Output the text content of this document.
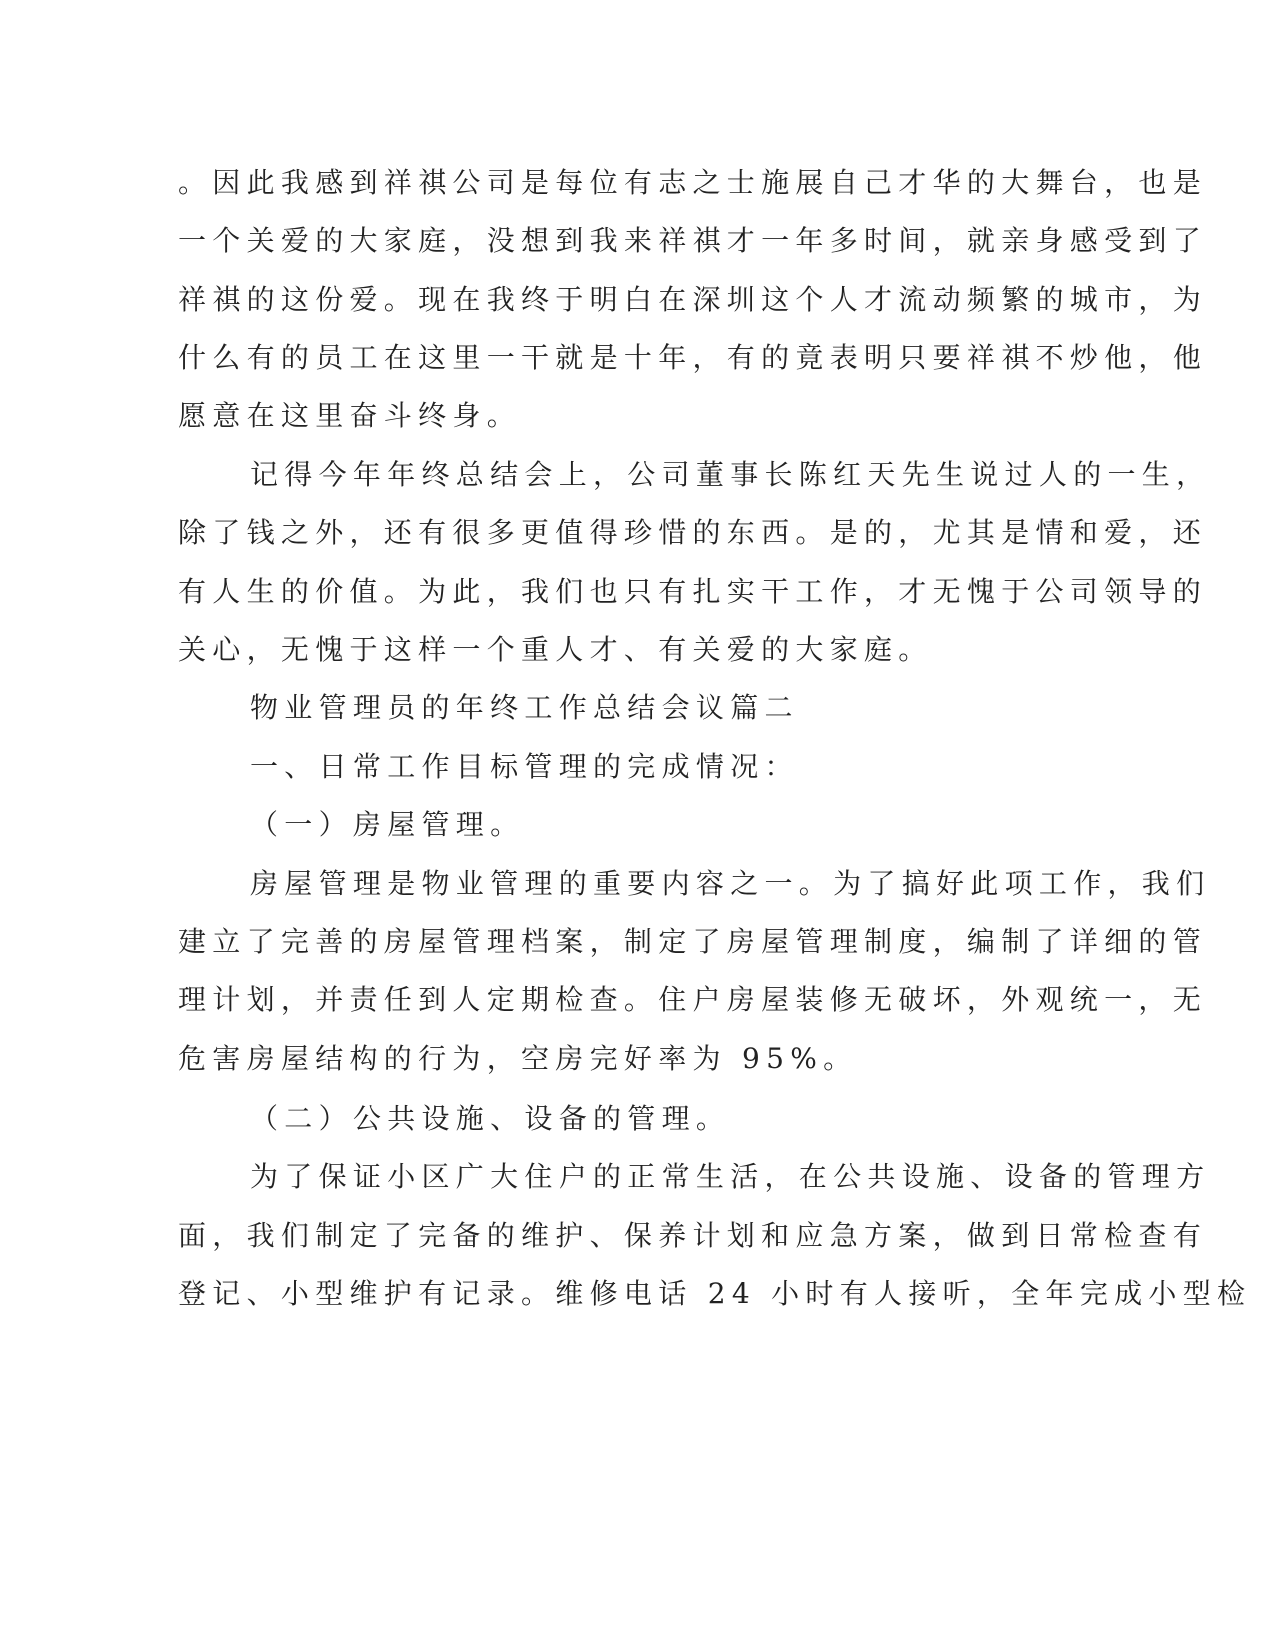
。因此我感到祥祺公司是每位有志之士施展自己才华的大舞台，也是

一个关爱的大家庭，没想到我来祥祺才一年多时间，就亲身感受到了

祥祺的这份爱。现在我终于明白在深圳这个人才流动频繁的城市，为

什么有的员工在这里一干就是十年，有的竟表明只要祥祺不炒他，他

愿意在这里奋斗终身。

记得今年年终总结会上，公司董事长陈红天先生说过人的一生，

除了钱之外，还有很多更值得珍惜的东西。是的，尤其是情和爱，还

有人生的价值。为此，我们也只有扎实干工作，才无愧于公司领导的

关心，无愧于这样一个重人才、有关爱的大家庭。

物业管理员的年终工作总结会议篇二

一、日常工作目标管理的完成情况：

（一）房屋管理。

房屋管理是物业管理的重要内容之一。为了搞好此项工作，我们

建立了完善的房屋管理档案，制定了房屋管理制度，编制了详细的管

理计划，并责任到人定期检查。住户房屋装修无破坏，外观统一，无

危害房屋结构的行为，空房完好率为 95%。

（二）公共设施、设备的管理。

为了保证小区广大住户的正常生活，在公共设施、设备的管理方

面，我们制定了完备的维护、保养计划和应急方案，做到日常检查有

登记、小型维护有记录。维修电话 24 小时有人接听，全年完成小型检
